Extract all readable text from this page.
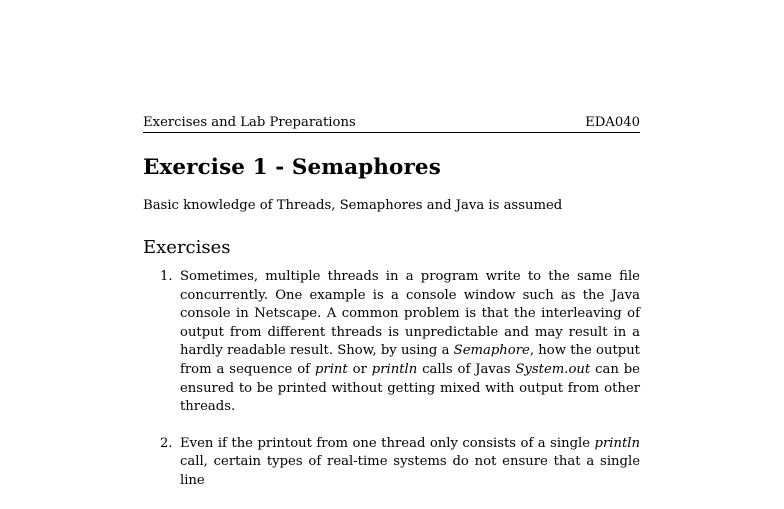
Exercises and Lab Preparations	EDA040
Exercise 1 - Semaphores
Basic knowledge of Threads, Semaphores and Java is assumed
Exercises
1. Sometimes, multiple threads in a program write to the same file concurrently. One example is a console window such as the Java console in Netscape. A common problem is that the interleaving of output from different threads is unpredictable and may result in a hardly readable result. Show, by using a Semaphore, how the output from a sequence of print or println calls of Javas System.out can be ensured to be printed without getting mixed with output from other threads.
2. Even if the printout from one thread only consists of a single println call, certain types of real-time systems do not ensure that a single line
